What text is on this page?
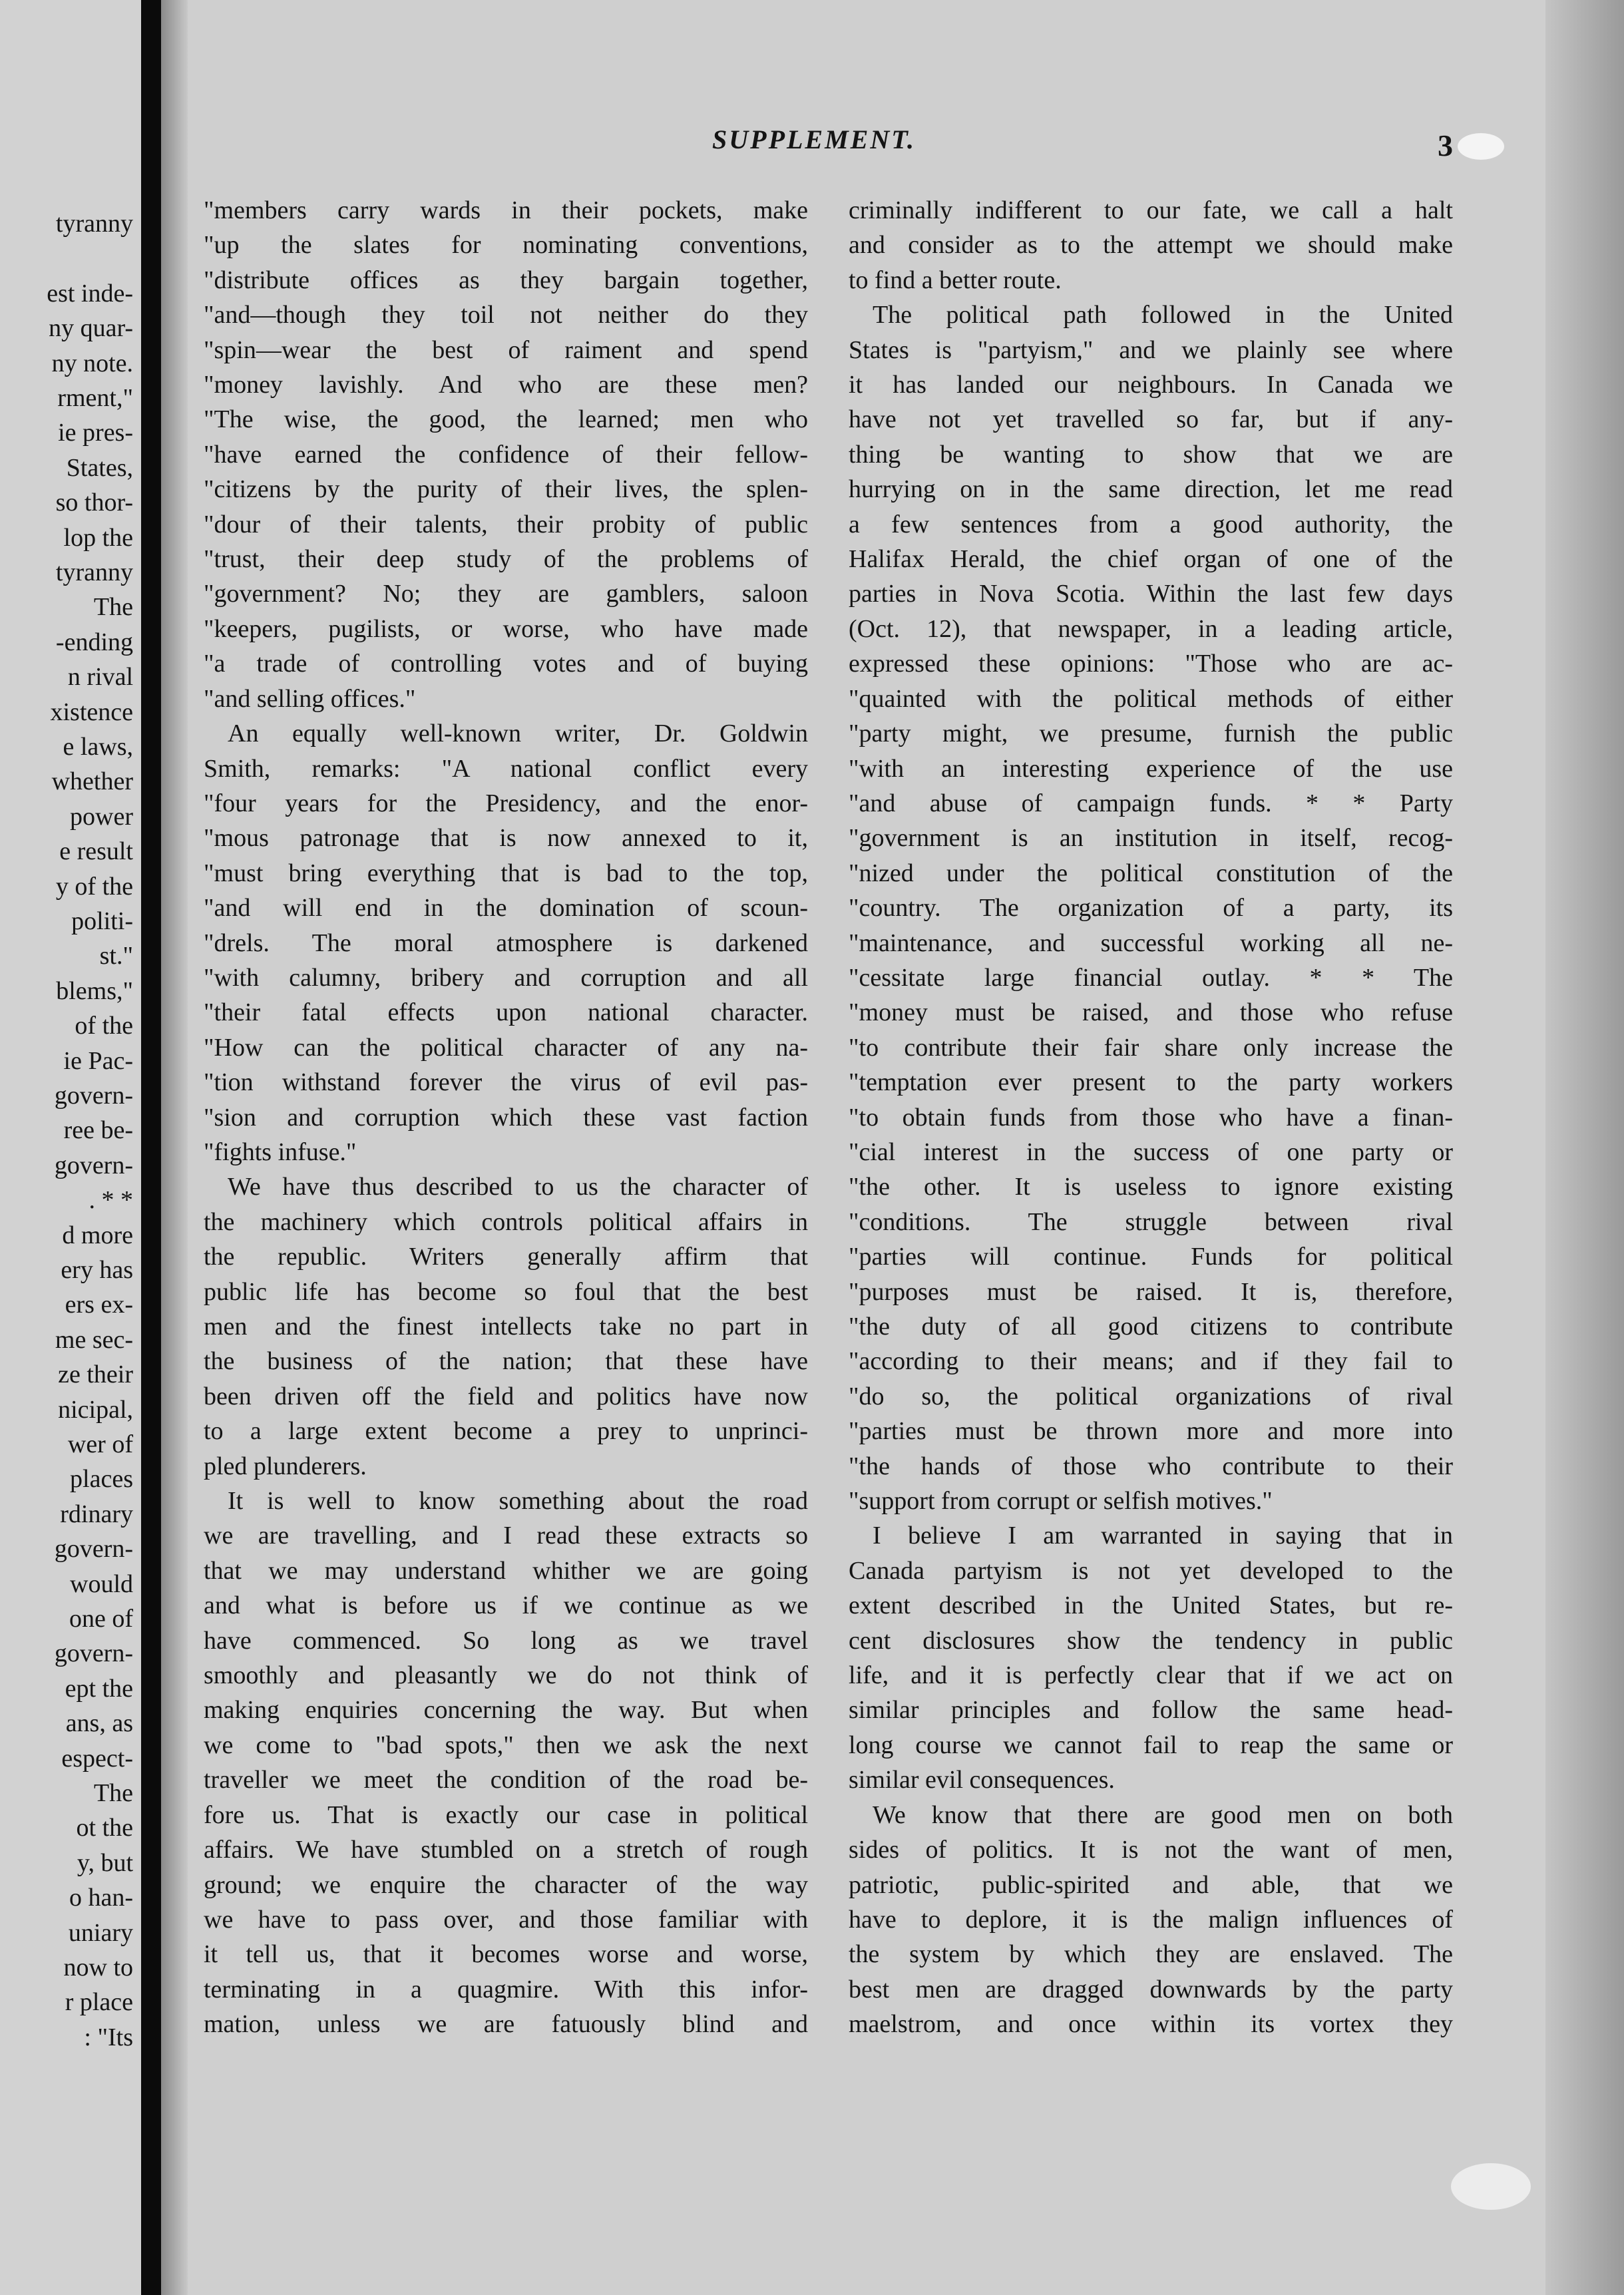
tyranny
est inde-
ny quar-
ny note.
rment,"
ie pres-
States,
so thor-
lop the
tyranny
The
-ending
n rival
xistence
e laws,
whether
power
e result
y of the
politi-
st."
blems,"
of the
ie Pac-
govern-
ree be-
govern-
. * *
d more
ery has
ers ex-
me sec-
ze their
nicipal,
wer of
places
rdinary
govern-
would
one of
govern-
ept the
ans, as
espect-
The
ot the
y, but
o han-
uniary
now to
r place
: "Its
SUPPLEMENT.	3
"members carry wards in their pockets, make
"up the slates for nominating conventions,
"distribute offices as they bargain together,
"and—though they toil not neither do they
"spin—wear the best of raiment and spend
"money lavishly. And who are these men?
"The wise, the good, the learned; men who
"have earned the confidence of their fellow-
"citizens by the purity of their lives, the splen-
"dour of their talents, their probity of public
"trust, their deep study of the problems of
"government? No; they are gamblers, saloon
"keepers, pugilists, or worse, who have made
"a trade of controlling votes and of buying
"and selling offices."
An equally well-known writer, Dr. Goldwin
Smith, remarks: "A national conflict every
"four years for the Presidency, and the enor-
"mous patronage that is now annexed to it,
"must bring everything that is bad to the top,
"and will end in the domination of scoun-
"drels. The moral atmosphere is darkened
"with calumny, bribery and corruption and all
"their fatal effects upon national character.
"How can the political character of any na-
"tion withstand forever the virus of evil pas-
"sion and corruption which these vast faction
"fights infuse."
We have thus described to us the character of
the machinery which controls political affairs in
the republic. Writers generally affirm that
public life has become so foul that the best
men and the finest intellects take no part in
the business of the nation; that these have
been driven off the field and politics have now
to a large extent become a prey to unprinci-
pled plunderers.
It is well to know something about the road
we are travelling, and I read these extracts so
that we may understand whither we are going
and what is before us if we continue as we
have commenced. So long as we travel
smoothly and pleasantly we do not think of
making enquiries concerning the way. But when
we come to "bad spots," then we ask the next
traveller we meet the condition of the road be-
fore us. That is exactly our case in political
affairs. We have stumbled on a stretch of rough
ground; we enquire the character of the way
we have to pass over, and those familiar with
it tell us, that it becomes worse and worse,
terminating in a quagmire. With this infor-
mation, unless we are fatuously blind and
criminally indifferent to our fate, we call a halt
and consider as to the attempt we should make
to find a better route.
The political path followed in the United
States is "partyism," and we plainly see where
it has landed our neighbours. In Canada we
have not yet travelled so far, but if any-
thing be wanting to show that we are
hurrying on in the same direction, let me read
a few sentences from a good authority, the
Halifax Herald, the chief organ of one of the
parties in Nova Scotia. Within the last few days
(Oct. 12), that newspaper, in a leading article,
expressed these opinions: "Those who are ac-
"quainted with the political methods of either
"party might, we presume, furnish the public
"with an interesting experience of the use
"and abuse of campaign funds. * * Party
"government is an institution in itself, recog-
"nized under the political constitution of the
"country. The organization of a party, its
"maintenance, and successful working all ne-
"cessitate large financial outlay. * * The
"money must be raised, and those who refuse
"to contribute their fair share only increase the
"temptation ever present to the party workers
"to obtain funds from those who have a finan-
"cial interest in the success of one party or
"the other. It is useless to ignore existing
"conditions. The struggle between rival
"parties will continue. Funds for political
"purposes must be raised. It is, therefore,
"the duty of all good citizens to contribute
"according to their means; and if they fail to
"do so, the political organizations of rival
"parties must be thrown more and more into
"the hands of those who contribute to their
"support from corrupt or selfish motives."
I believe I am warranted in saying that in
Canada partyism is not yet developed to the
extent described in the United States, but re-
cent disclosures show the tendency in public
life, and it is perfectly clear that if we act on
similar principles and follow the same head-
long course we cannot fail to reap the same or
similar evil consequences.
We know that there are good men on both
sides of politics. It is not the want of men,
patriotic, public-spirited and able, that we
have to deplore, it is the malign influences of
the system by which they are enslaved. The
best men are dragged downwards by the party
maelstrom, and once within its vortex they
